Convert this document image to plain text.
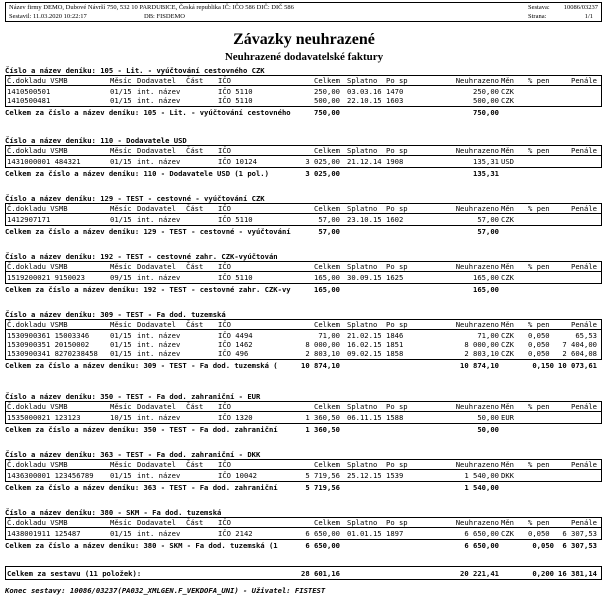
Název firmy DEMO, Dubové Návrší 750, 532 10 PARDUBICE, Česká republika IČ: IČO 586 DIČ: DIČ 586
Sestavil: 11.03.2020 10:22:17	DB: FISDEMO
Sestava: 10086/03237
Strana:	1/1
Závazky neuhrazené
Neuhrazené dodavatelské faktury
Číslo a název deníku: 105 - Lit. - vyúčtování cestovného CZK
Č.dokladu VSMB	Měsíc Dodavatel Část IČO	Celkem Splatno Po sp	Neuhrazeno Měn % pen	Penále
1410500501	01/15 int. název	IČO 5110	250,00 03.03.16 1470	250,00 CZK
1410500481	01/15 int. název	IČO 5110	500,00 22.10.15 1603	500,00 CZK
Celkem za číslo a název deníku: 105 - Lit. - vyúčtování cestovného	750,00	750,00
Číslo a název deníku: 110 - Dodavatele USD
Č.dokladu VSMB	Měsíc Dodavatel Část IČO	Celkem Splatno Po sp	Neuhrazeno Měn % pen	Penále
1431000001 484321	01/15 int. název	IČO 10124	3 025,00 21.12.14 1908	135,31 USD
Celkem za číslo a název deníku: 110 - Dodavatele USD (1 pol.)	3 025,00	135,31
Číslo a název deníku: 129 - TEST - cestovné - vyúčtování CZK
Č.dokladu VSMB	Měsíc Dodavatel Část IČO	Celkem Splatno Po sp	Neuhrazeno Měn % pen	Penále
1412907171	01/15 int. název	IČO 5110	57,00 23.10.15 1602	57,00 CZK
Celkem za číslo a název deníku: 129 - TEST - cestovné - vyúčtování	57,00	57,00
Číslo a název deníku: 192 - TEST - cestovné zahr. CZK-vyúčtován
Č.dokladu VSMB	Měsíc Dodavatel Část IČO	Celkem Splatno Po sp	Neuhrazeno Měn % pen	Penále
1519200021 9150023	09/15 int. název	IČO 5110	165,00 30.09.15 1625	165,00 CZK
Celkem za číslo a název deníku: 192 - TEST - cestovné zahr. CZK-vy	165,00	165,00
Číslo a název deníku: 309 - TEST - Fa dod. tuzemská
Č.dokladu VSMB	Měsíc Dodavatel Část IČO	Celkem Splatno Po sp	Neuhrazeno Měn % pen	Penále
1530900361 15003346	01/15 int. název	IČO 4494	71,00 21.02.15 1846	71,00 CZK 0,050	65,53
1530900351 20150002	01/15 int. název	IČO 1462	8 000,00 16.02.15 1851	8 000,00 CZK 0,050 7 404,00
1530900341 8270238458 01/15 int. název	IČO 496	2 803,10 09.02.15 1858	2 803,10 CZK 0,050 2 604,08
Celkem za číslo a název deníku: 309 - TEST - Fa dod. tuzemská (	10 874,10	10 874,10	0,150 10 073,61
Číslo a název deníku: 350 - TEST - Fa dod. zahraniční - EUR
Č.dokladu VSMB	Měsíc Dodavatel Část IČO	Celkem Splatno Po sp	Neuhrazeno Měn % pen	Penále
1535000021 123123	10/15 int. název	IČO 1320	1 360,50 06.11.15 1588	50,00 EUR
Celkem za číslo a název deníku: 350 - TEST - Fa dod. zahraniční	1 360,50	50,00
Číslo a název deníku: 363 - TEST - Fa dod. zahraniční - DKK
Č.dokladu VSMB	Měsíc Dodavatel Část IČO	Celkem Splatno Po sp	Neuhrazeno Měn % pen	Penále
1436300001 123456789 01/15 int. název	IČO 10042	5 719,56 25.12.15 1539	1 540,00 DKK
Celkem za číslo a název deníku: 363 - TEST - Fa dod. zahraniční	5 719,56	1 540,00
Číslo a název deníku: 380 - SKM - Fa dod. tuzemská
Č.dokladu VSMB	Měsíc Dodavatel Část IČO	Celkem Splatno Po sp	Neuhrazeno Měn % pen	Penále
1438001911 125487	01/15 int. název	IČO 2142	6 650,00 01.01.15 1897	6 650,00 CZK 0,050 6 307,53
Celkem za číslo a název deníku: 380 - SKM - Fa dod. tuzemská (1	6 650,00	6 650,00	0,050 6 307,53
Celkem za sestavu (11 položek):	28 601,16	20 221,41	0,200 16 381,14
Konec sestavy: 10086/03237(PA032_XMLGEN.F_VEKDOFA_UNI) - Uživatel: FISTEST
